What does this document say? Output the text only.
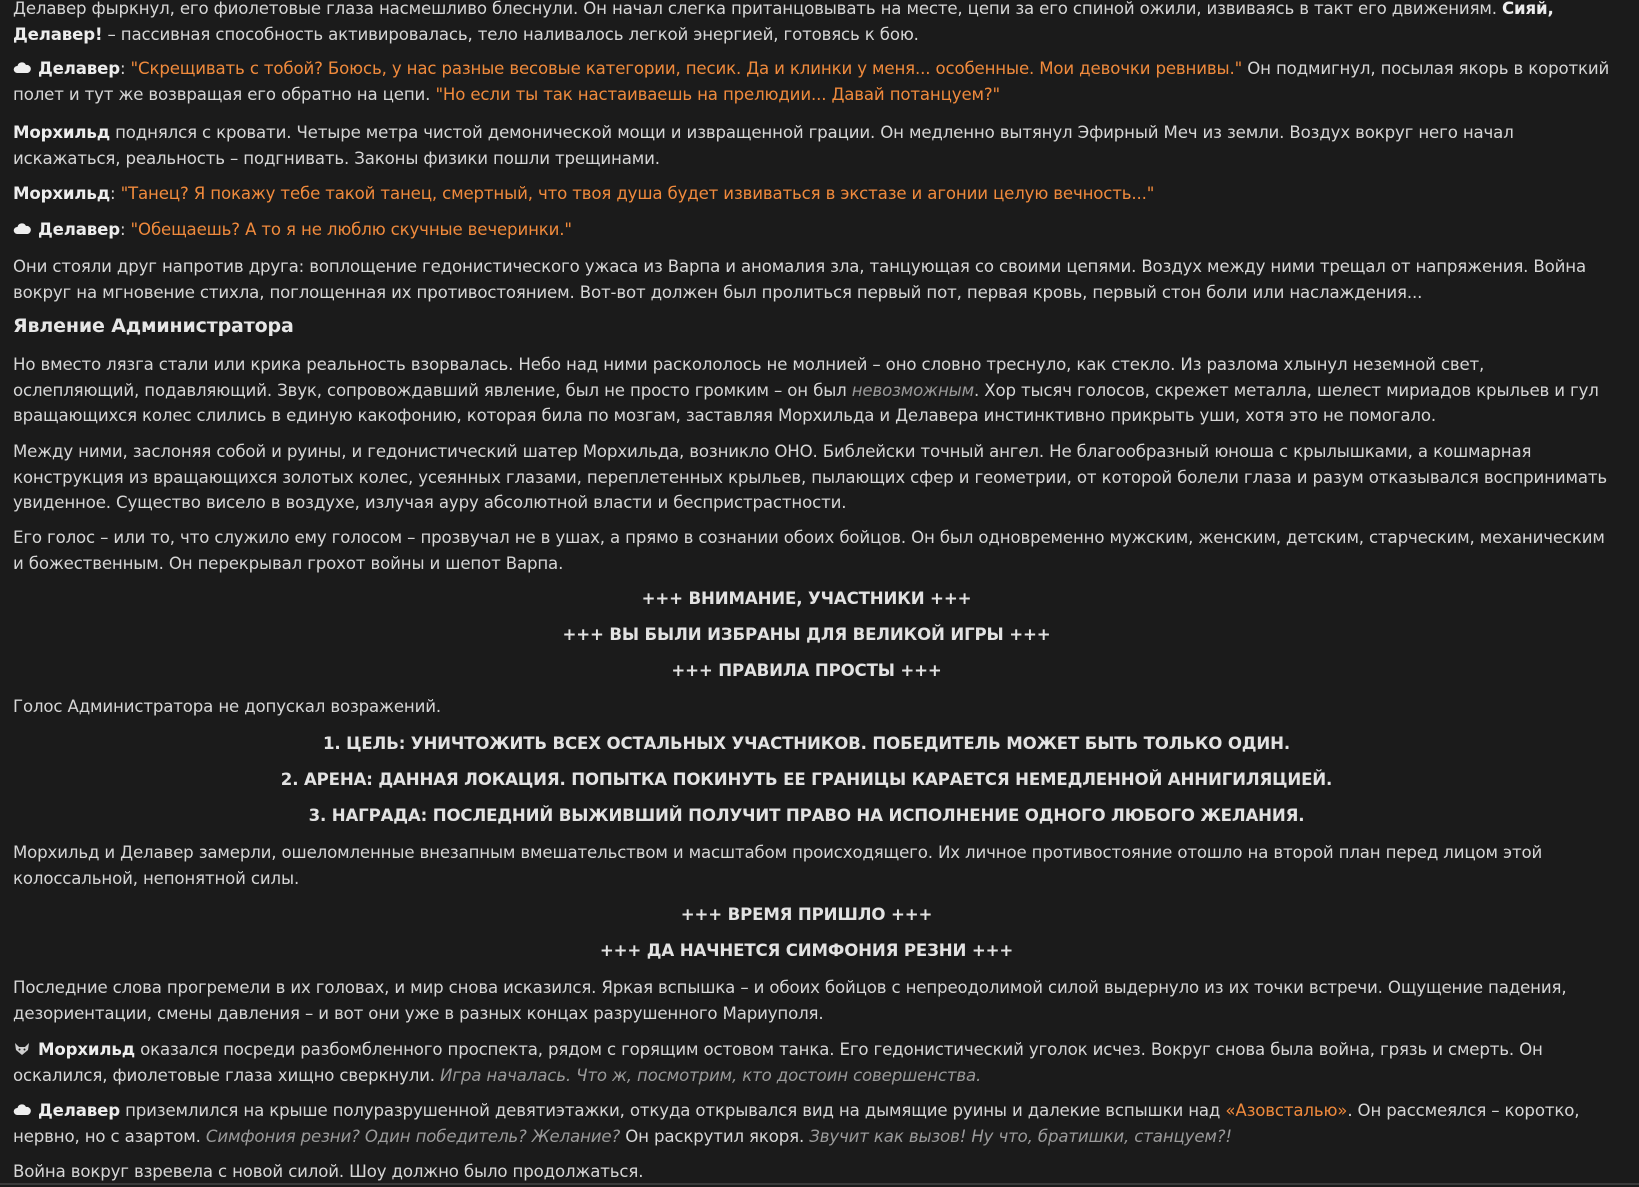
Делавер фыркнул, его фиолетовые глаза насмешливо блеснули. Он начал слегка пританцовывать на месте, цепи за его спиной ожили, извиваясь в такт его движениям. Сияй, Делавер! – пассивная способность активировалась, тело наливалось легкой энергией, готовясь к бою.

Делавер: "Скрещивать с тобой? Боюсь, у нас разные весовые категории, песик. Да и клинки у меня... особенные. Мои девочки ревнивы." Он подмигнул, посылая якорь в короткий полет и тут же возвращая его обратно на цепи. "Но если ты так настаиваешь на прелюдии... Давай потанцуем?"

Морхильд поднялся с кровати. Четыре метра чистой демонической мощи и извращенной грации. Он медленно вытянул Эфирный Меч из земли. Воздух вокруг него начал искажаться, реальность – подгнивать. Законы физики пошли трещинами.

Морхильд: "Танец? Я покажу тебе такой танец, смертный, что твоя душа будет извиваться в экстазе и агонии целую вечность..."

Делавер: "Обещаешь? А то я не люблю скучные вечеринки."

Они стояли друг напротив друга: воплощение гедонистического ужаса из Варпа и аномалия зла, танцующая со своими цепями. Воздух между ними трещал от напряжения. Война вокруг на мгновение стихла, поглощенная их противостоянием. Вот-вот должен был пролиться первый пот, первая кровь, первый стон боли или наслаждения...

Явление Администратора

Но вместо лязга стали или крика реальность взорвалась. Небо над ними раскололось не молнией – оно словно треснуло, как стекло. Из разлома хлынул неземной свет, ослепляющий, подавляющий. Звук, сопровождавший явление, был не просто громким – он был невозможным. Хор тысяч голосов, скрежет металла, шелест мириадов крыльев и гул вращающихся колес слились в единую какофонию, которая била по мозгам, заставляя Морхильда и Делавера инстинктивно прикрыть уши, хотя это не помогало.

Между ними, заслоняя собой и руины, и гедонистический шатер Морхильда, возникло ОНО. Библейски точный ангел. Не благообразный юноша с крылышками, а кошмарная конструкция из вращающихся золотых колес, усеянных глазами, переплетенных крыльев, пылающих сфер и геометрии, от которой болели глаза и разум отказывался воспринимать увиденное. Существо висело в воздухе, излучая ауру абсолютной власти и беспристрастности.

Его голос – или то, что служило ему голосом – прозвучал не в ушах, а прямо в сознании обоих бойцов. Он был одновременно мужским, женским, детским, старческим, механическим и божественным. Он перекрывал грохот войны и шепот Варпа.

+++ ВНИМАНИЕ, УЧАСТНИКИ +++

+++ ВЫ БЫЛИ ИЗБРАНЫ ДЛЯ ВЕЛИКОЙ ИГРЫ +++

+++ ПРАВИЛА ПРОСТЫ +++

Голос Администратора не допускал возражений.

1. ЦЕЛЬ: УНИЧТОЖИТЬ ВСЕХ ОСТАЛЬНЫХ УЧАСТНИКОВ. ПОБЕДИТЕЛЬ МОЖЕТ БЫТЬ ТОЛЬКО ОДИН.

2. АРЕНА: ДАННАЯ ЛОКАЦИЯ. ПОПЫТКА ПОКИНУТЬ ЕЕ ГРАНИЦЫ КАРАЕТСЯ НЕМЕДЛЕННОЙ АННИГИЛЯЦИЕЙ.

3. НАГРАДА: ПОСЛЕДНИЙ ВЫЖИВШИЙ ПОЛУЧИТ ПРАВО НА ИСПОЛНЕНИЕ ОДНОГО ЛЮБОГО ЖЕЛАНИЯ.

Морхильд и Делавер замерли, ошеломленные внезапным вмешательством и масштабом происходящего. Их личное противостояние отошло на второй план перед лицом этой колоссальной, непонятной силы.

+++ ВРЕМЯ ПРИШЛО +++

+++ ДА НАЧНЕТСЯ СИМФОНИЯ РЕЗНИ +++

Последние слова прогремели в их головах, и мир снова исказился. Яркая вспышка – и обоих бойцов с непреодолимой силой выдернуло из их точки встречи. Ощущение падения, дезориентации, смены давления – и вот они уже в разных концах разрушенного Мариуполя.

Морхильд оказался посреди разбомбленного проспекта, рядом с горящим остовом танка. Его гедонистический уголок исчез. Вокруг снова была война, грязь и смерть. Он оскалился, фиолетовые глаза хищно сверкнули. Игра началась. Что ж, посмотрим, кто достоин совершенства.

Делавер приземлился на крыше полуразрушенной девятиэтажки, откуда открывался вид на дымящие руины и далекие вспышки над «Азовсталью». Он рассмеялся – коротко, нервно, но с азартом. Симфония резни? Один победитель? Желание? Он раскрутил якоря. Звучит как вызов! Ну что, братишки, станцуем?!

Война вокруг взревела с новой силой. Шоу должно было продолжаться.
